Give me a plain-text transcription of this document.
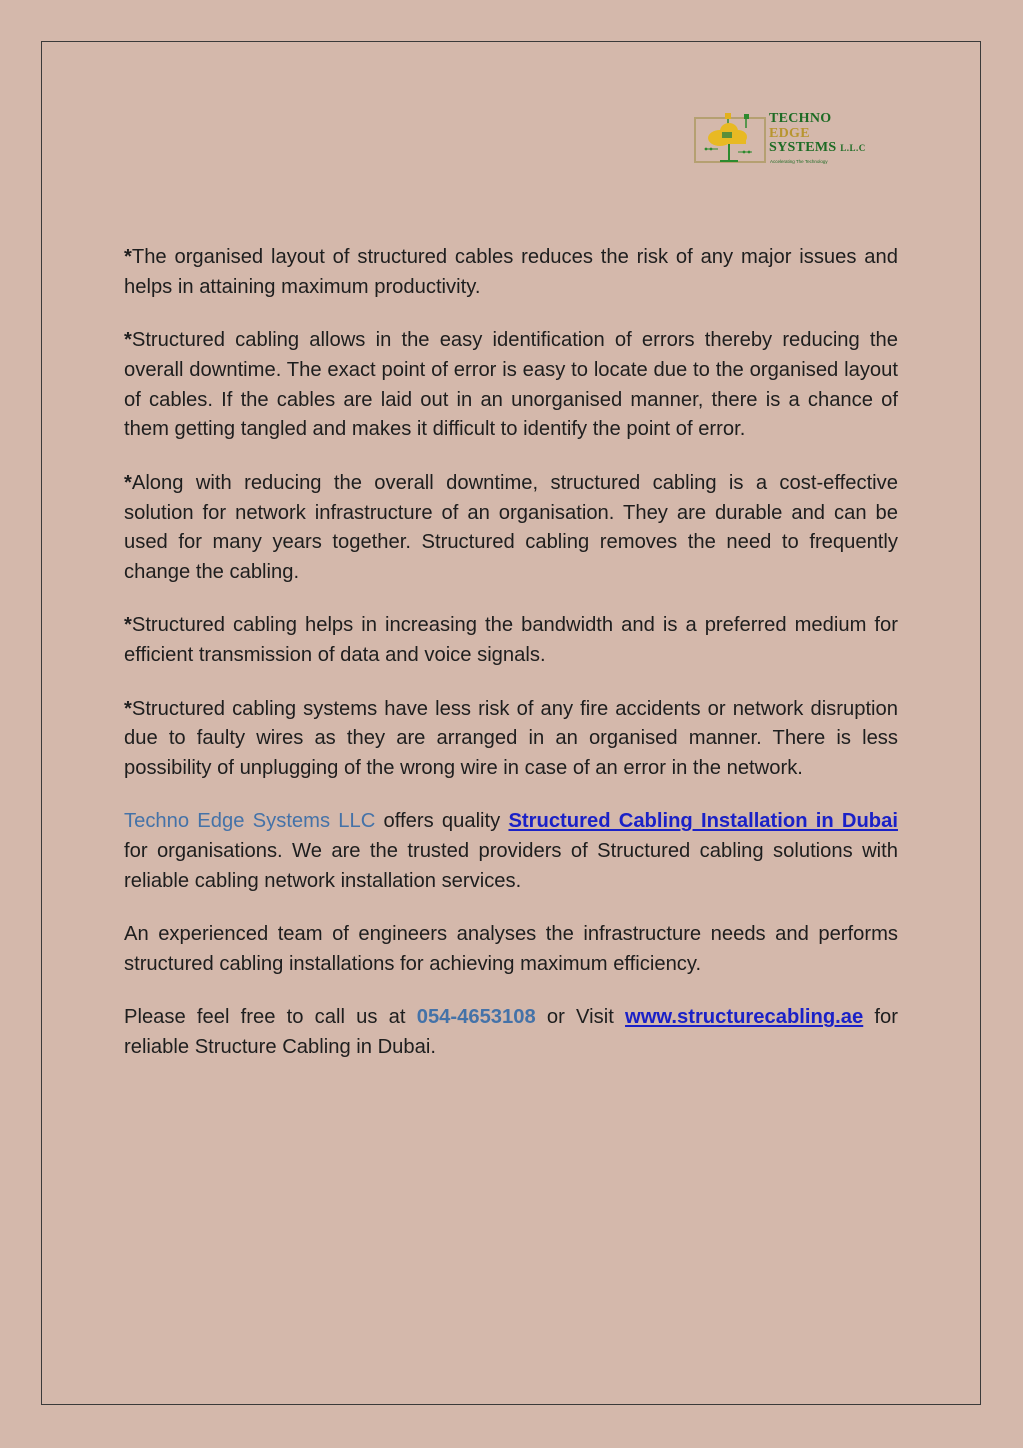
TECHNO
EDGE
SYSTEMS L.L.C
Accelerating The Technology

*The organised layout of structured cables reduces the risk of any major issues and helps in attaining maximum productivity.

*Structured cabling allows in the easy identification of errors thereby reducing the overall downtime. The exact point of error is easy to locate due to the organised layout of cables. If the cables are laid out in an unorganised manner, there is a chance of them getting tangled and makes it difficult to identify the point of error.

*Along with reducing the overall downtime, structured cabling is a cost-effective solution for network infrastructure of an organisation. They are durable and can be used for many years together. Structured cabling removes the need to frequently change the cabling.

*Structured cabling helps in increasing the bandwidth and is a preferred medium for efficient transmission of data and voice signals.

*Structured cabling systems have less risk of any fire accidents or network disruption due to faulty wires as they are arranged in an organised manner. There is less possibility of unplugging of the wrong wire in case of an error in the network.

Techno Edge Systems LLC offers quality Structured Cabling Installation in Dubai for organisations. We are the trusted providers of Structured cabling solutions with reliable cabling network installation services.

An experienced team of engineers analyses the infrastructure needs and performs structured cabling installations for achieving maximum efficiency.

Please feel free to call us at 054-4653108 or Visit www.structurecabling.ae for reliable Structure Cabling in Dubai.
